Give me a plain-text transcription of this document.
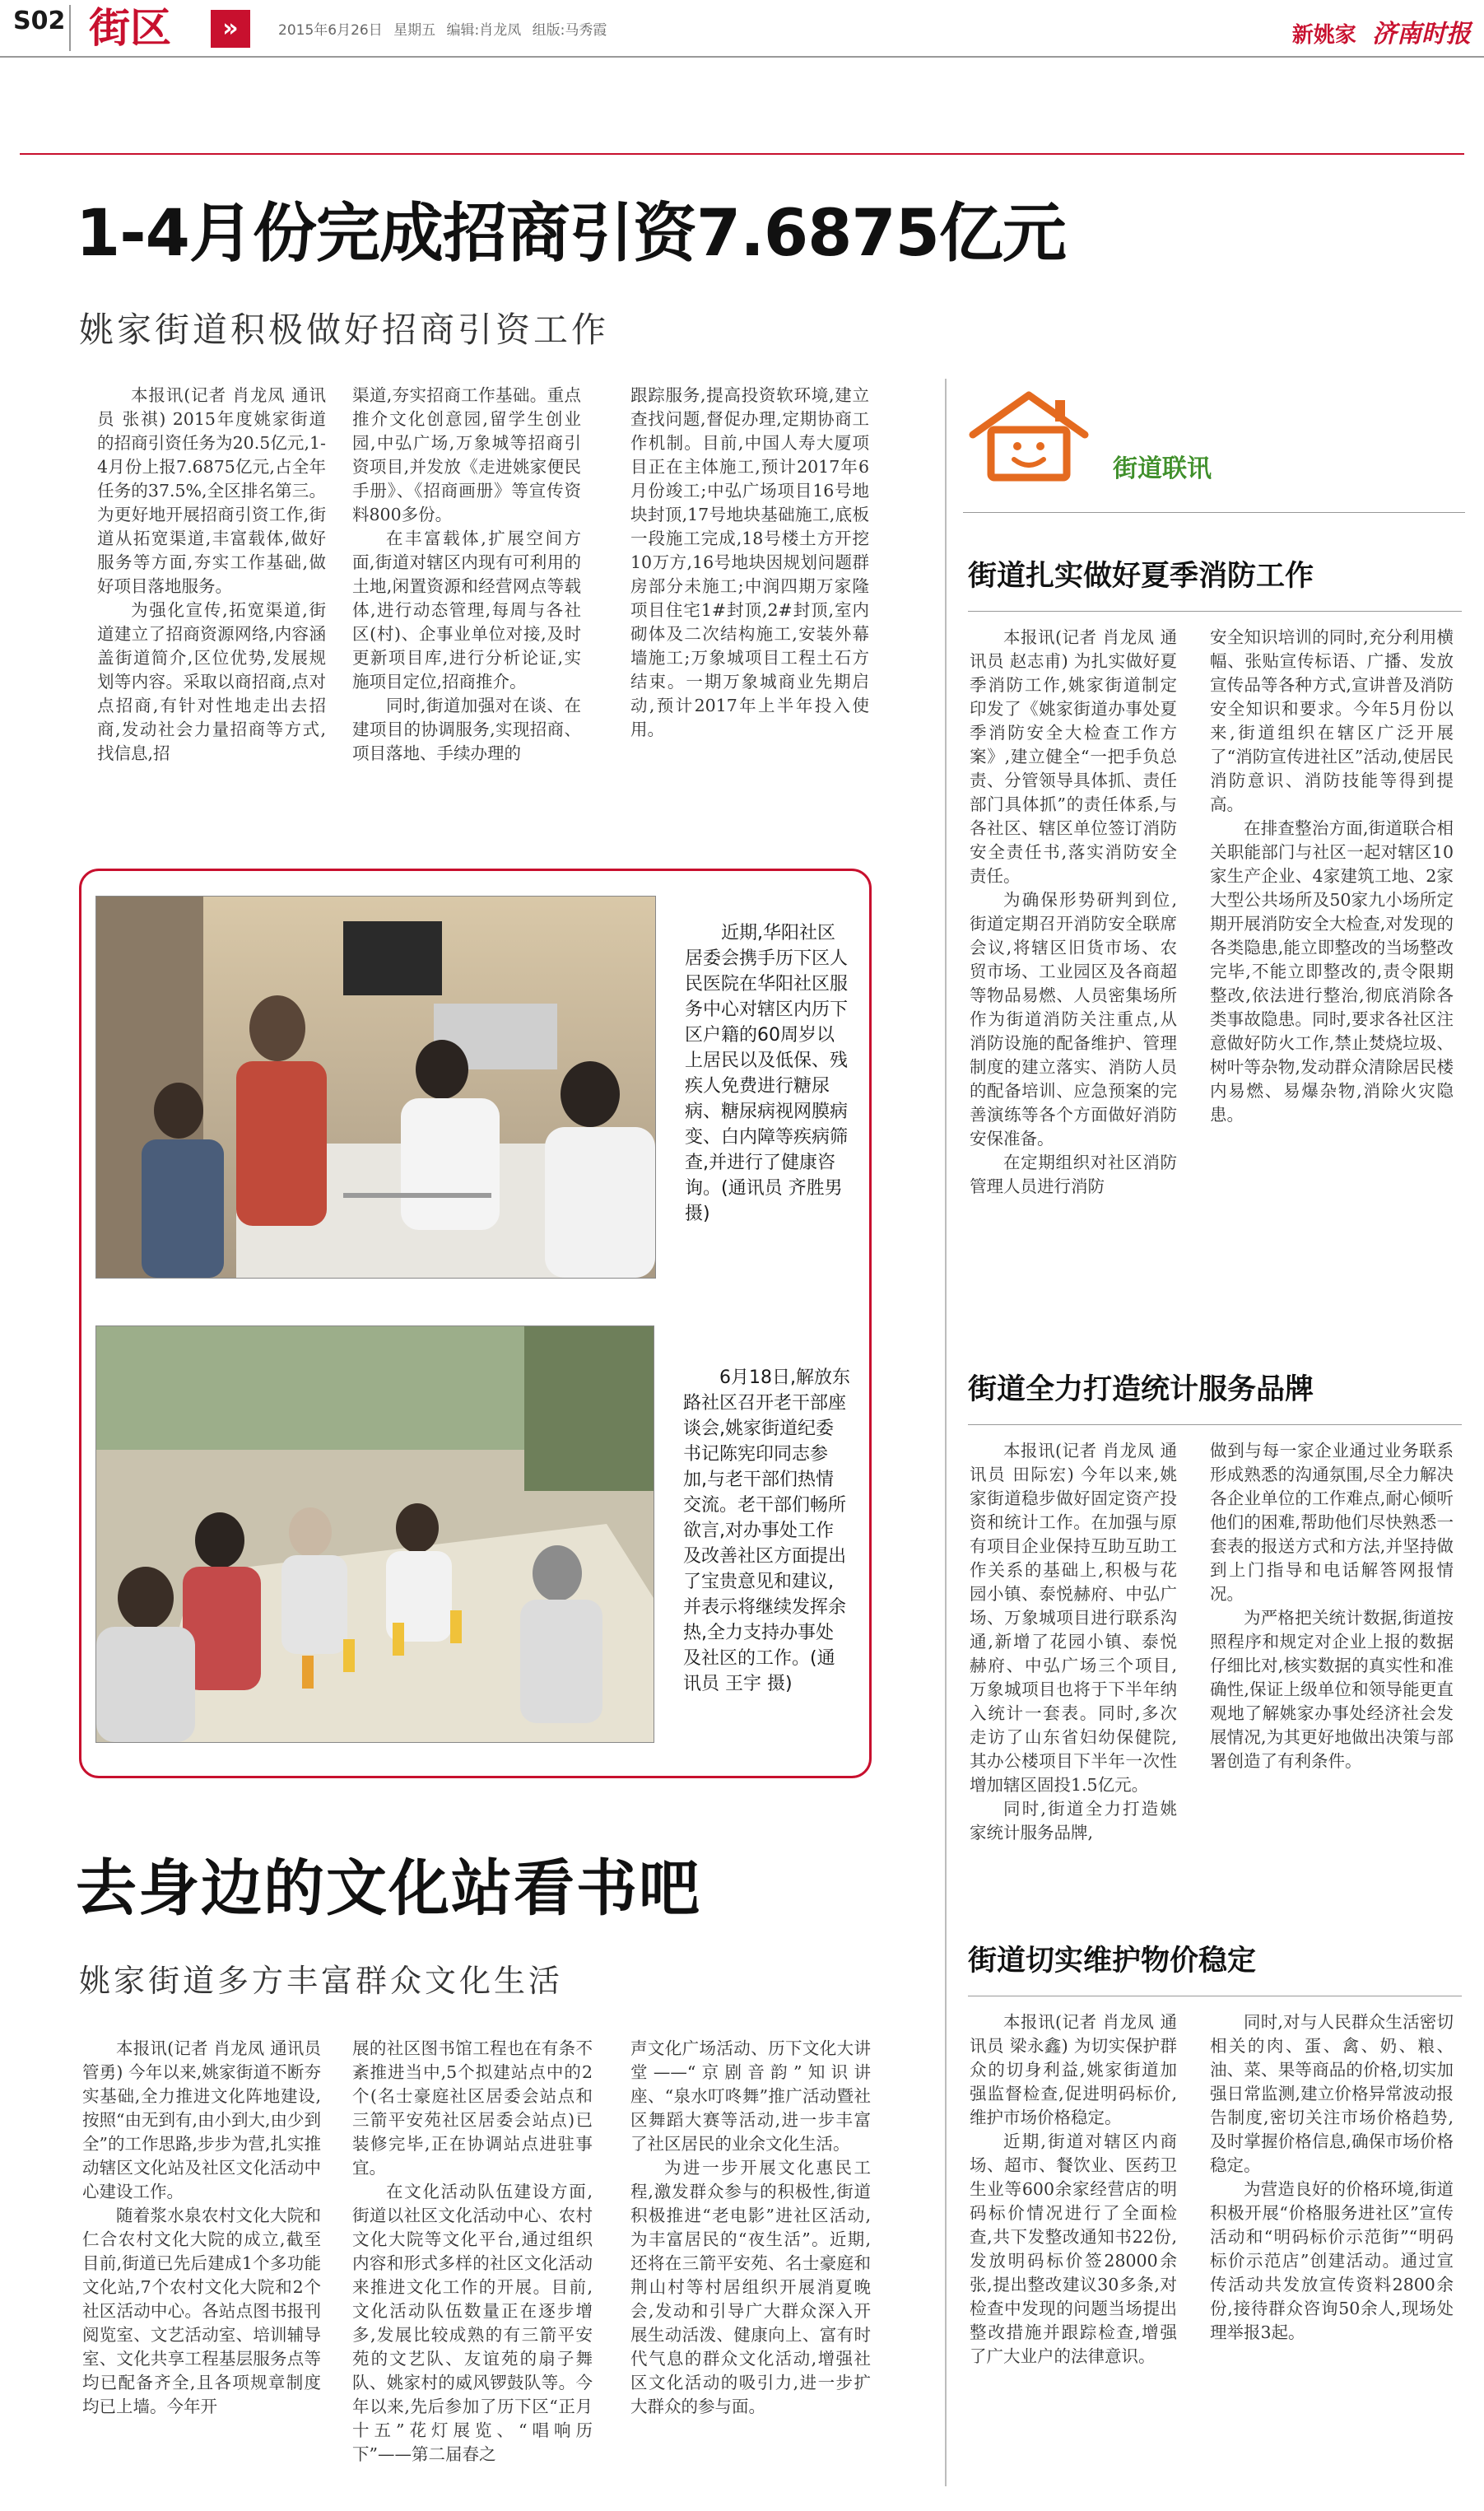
S02 街区	»	2015年6月26日 星期五 编辑:肖龙凤 组版:马秀霞	新姚家 济南时报
1-4月份完成招商引资7.6875亿元
姚家街道积极做好招商引资工作

本报讯(记者 肖龙凤 通讯员 张祺) 2015年度姚家街道的招商引资任务为20.5亿元,1-4月份上报7.6875亿元,占全年任务的37.5%,全区排名第三。为更好地开展招商引资工作,街道从拓宽渠道,丰富载体,做好服务等方面,夯实工作基础,做好项目落地服务。

为强化宣传,拓宽渠道,街道建立了招商资源网络,内容涵盖街道简介,区位优势,发展规划等内容。采取以商招商,点对点招商,有针对性地走出去招商,发动社会力量招商等方式,找信息,招

渠道,夯实招商工作基础。重点推介文化创意园,留学生创业园,中弘广场,万象城等招商引资项目,并发放《走进姚家便民手册》、《招商画册》等宣传资料800多份。

在丰富载体,扩展空间方面,街道对辖区内现有可利用的土地,闲置资源和经营网点等载体,进行动态管理,每周与各社区(村)、企事业单位对接,及时更新项目库,进行分析论证,实施项目定位,招商推介。

同时,街道加强对在谈、在建项目的协调服务,实现招商、项目落地、手续办理的

跟踪服务,提高投资软环境,建立查找问题,督促办理,定期协商工作机制。目前,中国人寿大厦项目正在主体施工,预计2017年6月份竣工;中弘广场项目16号地块封顶,17号地块基础施工,底板一段施工完成,18号楼土方开挖10万方,16号地块因规划问题群房部分未施工;中润四期万家隆项目住宅1#封顶,2#封顶,室内砌体及二次结构施工,安装外幕墙施工;万象城项目工程土石方结束。一期万象城商业先期启动,预计2017年上半年投入使用。

近期,华阳社区居委会携手历下区人民医院在华阳社区服务中心对辖区内历下区户籍的60周岁以上居民以及低保、残疾人免费进行糖尿病、糖尿病视网膜病变、白内障等疾病筛查,并进行了健康咨询。(通讯员 齐胜男 摄)

6月18日,解放东路社区召开老干部座谈会,姚家街道纪委书记陈宪印同志参加,与老干部们热情交流。老干部们畅所欲言,对办事处工作及改善社区方面提出了宝贵意见和建议,并表示将继续发挥余热,全力支持办事处及社区的工作。(通讯员 王宇 摄)

去身边的文化站看书吧
姚家街道多方丰富群众文化生活

本报讯(记者 肖龙凤 通讯员 管勇) 今年以来,姚家街道不断夯实基础,全力推进文化阵地建设,按照“由无到有,由小到大,由少到全”的工作思路,步步为营,扎实推动辖区文化站及社区文化活动中心建设工作。

随着浆水泉农村文化大院和仁合农村文化大院的成立,截至目前,街道已先后建成1个多功能文化站,7个农村文化大院和2个社区活动中心。各站点图书报刊阅览室、文艺活动室、培训辅导室、文化共享工程基层服务点等均已配备齐全,且各项规章制度均已上墙。今年开

展的社区图书馆工程也在有条不紊推进当中,5个拟建站点中的2个(名士豪庭社区居委会站点和三箭平安苑社区居委会站点)已装修完毕,正在协调站点进驻事宜。

在文化活动队伍建设方面,街道以社区文化活动中心、农村文化大院等文化平台,通过组织内容和形式多样的社区文化活动来推进文化工作的开展。目前,文化活动队伍数量正在逐步增多,发展比较成熟的有三箭平安苑的文艺队、友谊苑的扇子舞队、姚家村的威风锣鼓队等。今年以来,先后参加了历下区“正月十五”花灯展览、“唱响历下”——第二届春之

声文化广场活动、历下文化大讲堂——“京剧音韵”知识讲座、“泉水叮咚舞”推广活动暨社区舞蹈大赛等活动,进一步丰富了社区居民的业余文化生活。

为进一步开展文化惠民工程,激发群众参与的积极性,街道积极推进“老电影”进社区活动,为丰富居民的“夜生活”。近期,还将在三箭平安苑、名士豪庭和荆山村等村居组织开展消夏晚会,发动和引导广大群众深入开展生动活泼、健康向上、富有时代气息的群众文化活动,增强社区文化活动的吸引力,进一步扩大群众的参与面。

街道联讯
街道扎实做好夏季消防工作

本报讯(记者 肖龙凤 通讯员 赵志甫) 为扎实做好夏季消防工作,姚家街道制定印发了《姚家街道办事处夏季消防安全大检查工作方案》,建立健全“一把手负总责、分管领导具体抓、责任部门具体抓”的责任体系,与各社区、辖区单位签订消防安全责任书,落实消防安全责任。

为确保形势研判到位,街道定期召开消防安全联席会议,将辖区旧货市场、农贸市场、工业园区及各商超等物品易燃、人员密集场所作为街道消防关注重点,从消防设施的配备维护、管理制度的建立落实、消防人员的配备培训、应急预案的完善演练等各个方面做好消防安保准备。

在定期组织对社区消防管理人员进行消防

安全知识培训的同时,充分利用横幅、张贴宣传标语、广播、发放宣传品等各种方式,宣讲普及消防安全知识和要求。今年5月份以来,街道组织在辖区广泛开展了“消防宣传进社区”活动,使居民消防意识、消防技能等得到提高。

在排查整治方面,街道联合相关职能部门与社区一起对辖区10家生产企业、4家建筑工地、2家大型公共场所及50家九小场所定期开展消防安全大检查,对发现的各类隐患,能立即整改的当场整改完毕,不能立即整改的,责令限期整改,依法进行整治,彻底消除各类事故隐患。同时,要求各社区注意做好防火工作,禁止焚烧垃圾、树叶等杂物,发动群众清除居民楼内易燃、易爆杂物,消除火灾隐患。

街道全力打造统计服务品牌

本报讯(记者 肖龙凤 通讯员 田际宏) 今年以来,姚家街道稳步做好固定资产投资和统计工作。在加强与原有项目企业保持互助互助工作关系的基础上,积极与花园小镇、泰悦赫府、中弘广场、万象城项目进行联系沟通,新增了花园小镇、泰悦赫府、中弘广场三个项目,万象城项目也将于下半年纳入统计一套表。同时,多次走访了山东省妇幼保健院,其办公楼项目下半年一次性增加辖区固投1.5亿元。

同时,街道全力打造姚家统计服务品牌,

做到与每一家企业通过业务联系形成熟悉的沟通氛围,尽全力解决各企业单位的工作难点,耐心倾听他们的困难,帮助他们尽快熟悉一套表的报送方式和方法,并坚持做到上门指导和电话解答网报情况。

为严格把关统计数据,街道按照程序和规定对企业上报的数据仔细比对,核实数据的真实性和准确性,保证上级单位和领导能更直观地了解姚家办事处经济社会发展情况,为其更好地做出决策与部署创造了有利条件。

街道切实维护物价稳定

本报讯(记者 肖龙凤 通讯员 梁永鑫) 为切实保护群众的切身利益,姚家街道加强监督检查,促进明码标价,维护市场价格稳定。

近期,街道对辖区内商场、超市、餐饮业、医药卫生业等600余家经营店的明码标价情况进行了全面检查,共下发整改通知书22份,发放明码标价签28000余张,提出整改建议30多条,对检查中发现的问题当场提出整改措施并跟踪检查,增强了广大业户的法律意识。

同时,对与人民群众生活密切相关的肉、蛋、禽、奶、粮、油、菜、果等商品的价格,切实加强日常监测,建立价格异常波动报告制度,密切关注市场价格趋势,及时掌握价格信息,确保市场价格稳定。

为营造良好的价格环境,街道积极开展“价格服务进社区”宣传活动和“明码标价示范街”“明码标价示范店”创建活动。通过宣传活动共发放宣传资料2800余份,接待群众咨询50余人,现场处理举报3起。
